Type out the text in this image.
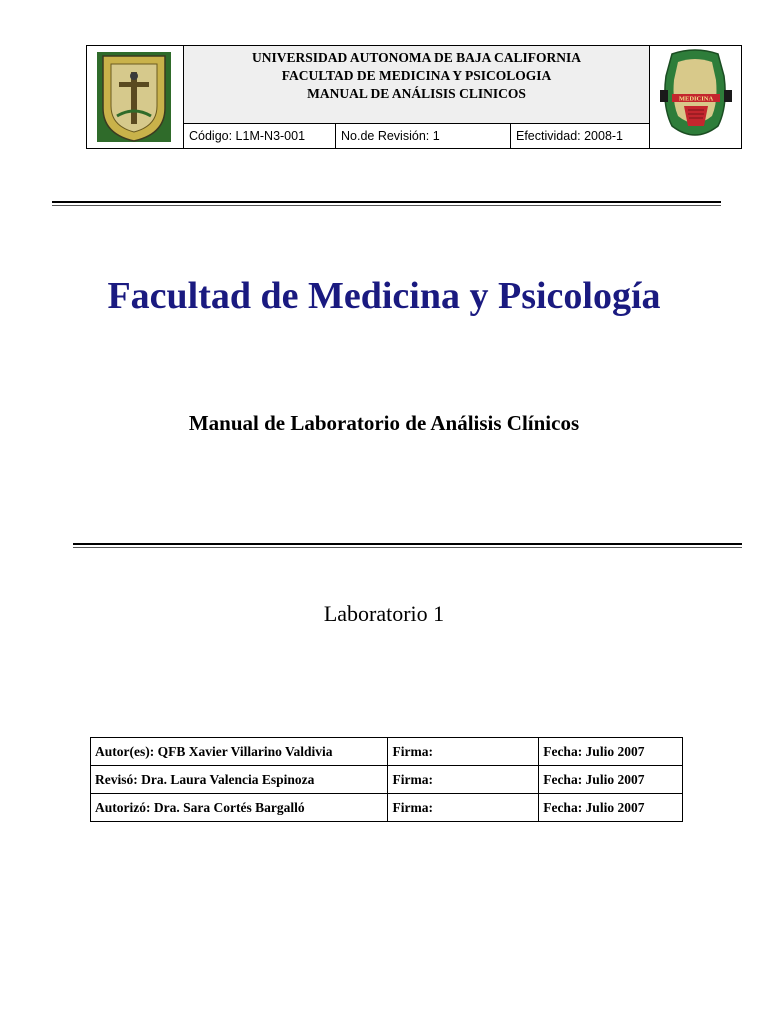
UNIVERSIDAD AUTONOMA DE BAJA CALIFORNIA
FACULTAD DE MEDICINA Y PSICOLOGIA
MANUAL DE ANÁLISIS CLINICOS
Código: L1M-N3-001	No.de Revisión: 1	Efectividad: 2008-1
MEDICINA
Facultad de Medicina y Psicología
Manual de Laboratorio de Análisis Clínicos
Laboratorio 1
Autor(es): QFB Xavier Villarino Valdivia	Firma:	Fecha: Julio 2007
Revisó: Dra. Laura Valencia Espinoza	Firma:	Fecha: Julio 2007
Autorizó: Dra. Sara Cortés Bargalló	Firma:	Fecha: Julio 2007
